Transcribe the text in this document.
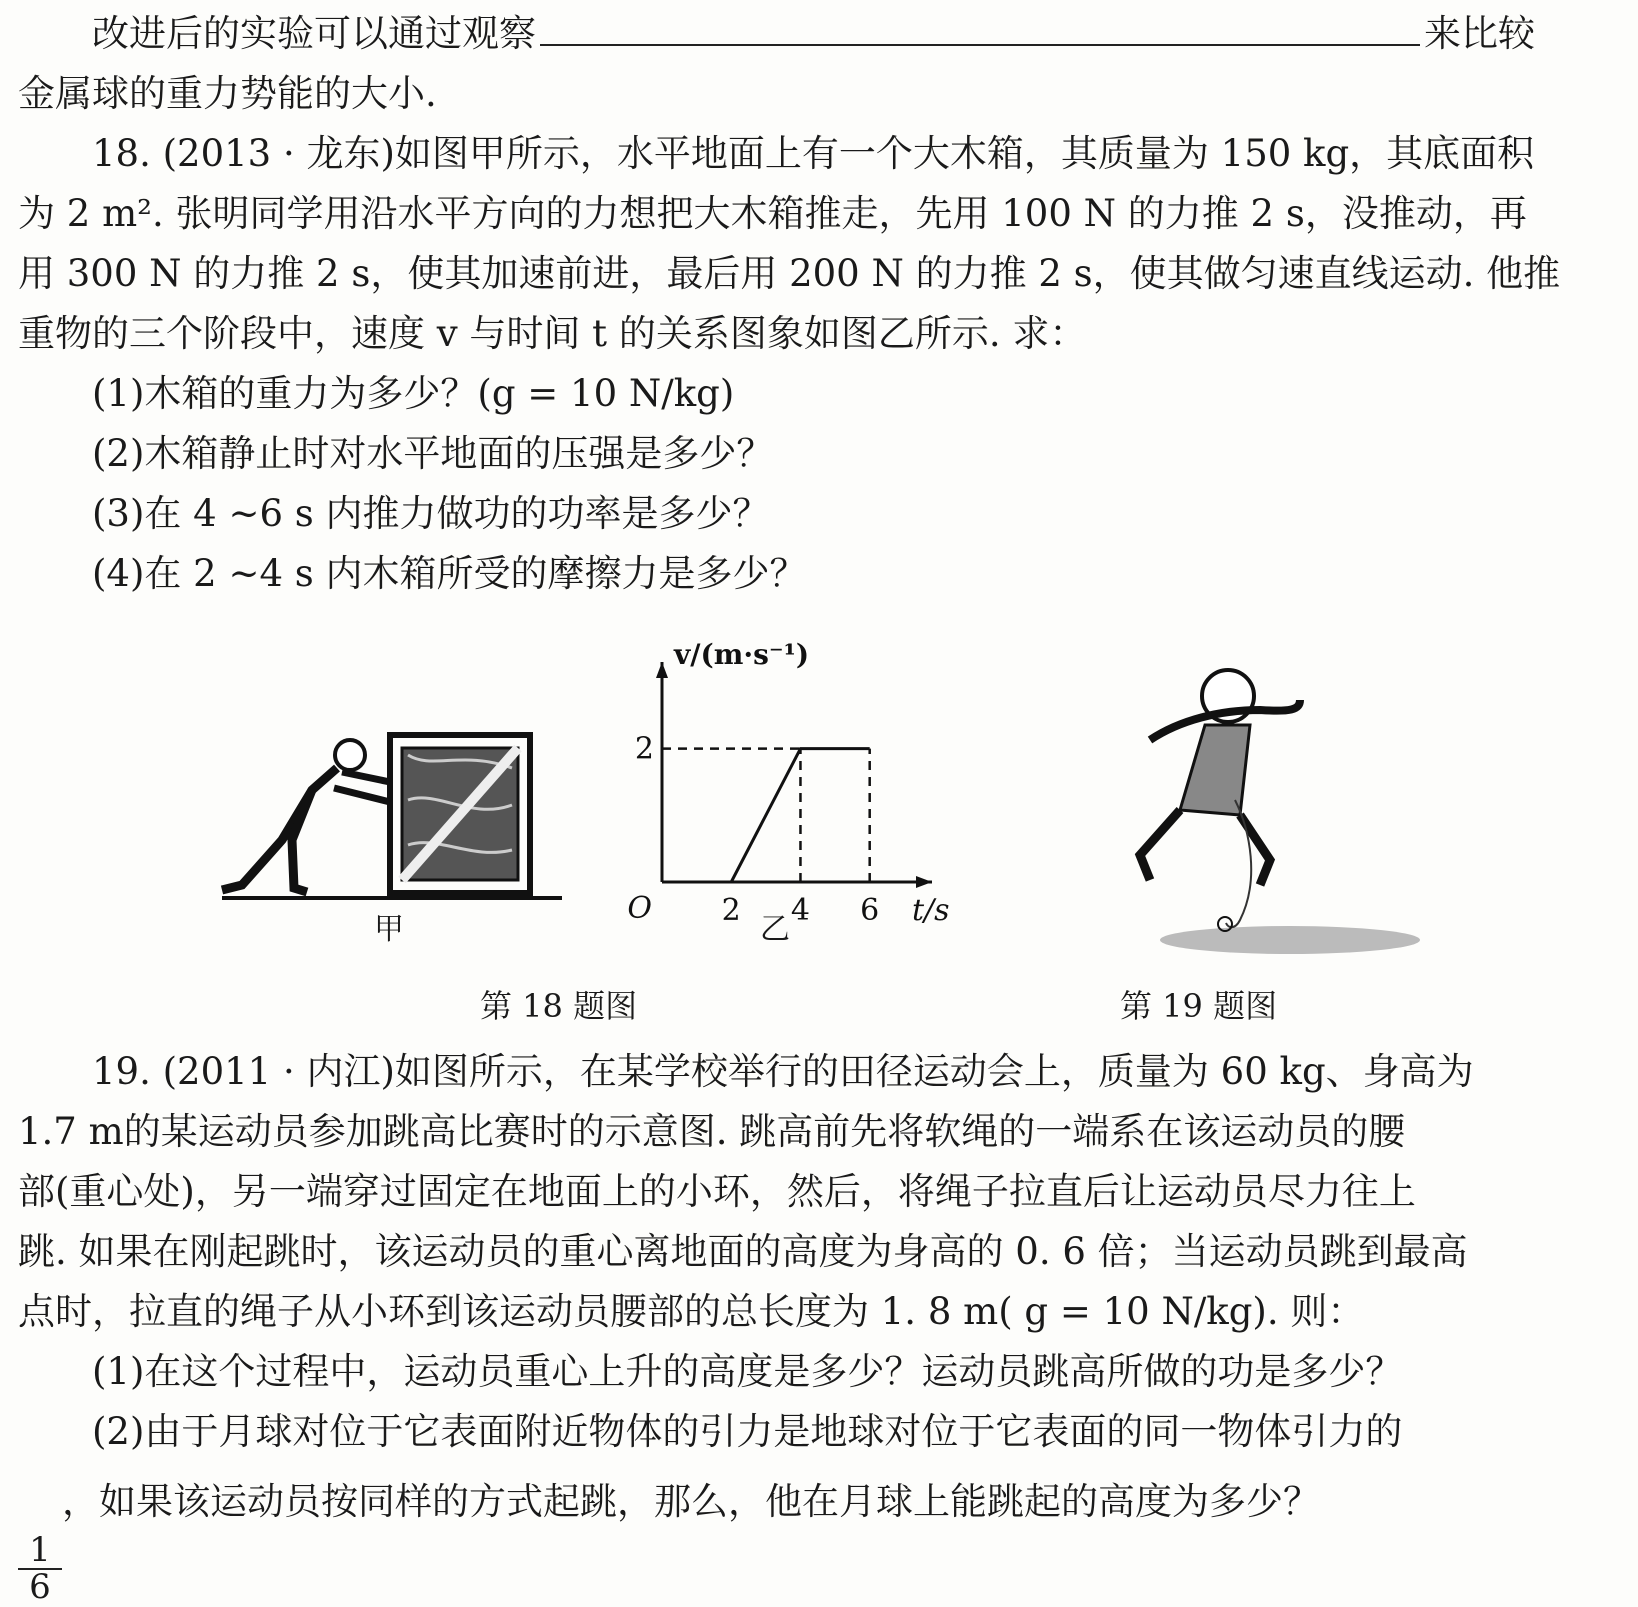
改进后的实验可以通过观察	来比较
金属球的重力势能的大小.
18. (2013 · 龙东)如图甲所示，水平地面上有一个大木箱，其质量为 150 kg，其底面积
为 2 m². 张明同学用沿水平方向的力想把大木箱推走，先用 100 N 的力推 2 s，没推动，再
用 300 N 的力推 2 s，使其加速前进，最后用 200 N 的力推 2 s，使其做匀速直线运动. 他推
重物的三个阶段中，速度 v 与时间 t 的关系图象如图乙所示. 求：
(1)木箱的重力为多少？(g = 10 N/kg)
(2)木箱静止时对水平地面的压强是多少？
(3)在 4 ~6 s 内推力做功的功率是多少？
(4)在 2 ~4 s 内木箱所受的摩擦力是多少？
甲
2 4 6
2
O	t/s
v/(m·s⁻¹)
乙
第 18 题图	第 19 题图
19. (2011 · 内江)如图所示，在某学校举行的田径运动会上，质量为 60 kg、身高为
1.7 m的某运动员参加跳高比赛时的示意图. 跳高前先将软绳的一端系在该运动员的腰
部(重心处)，另一端穿过固定在地面上的小环，然后，将绳子拉直后让运动员尽力往上
跳. 如果在刚起跳时，该运动员的重心离地面的高度为身高的 0. 6 倍；当运动员跳到最高
点时，拉直的绳子从小环到该运动员腰部的总长度为 1. 8 m( g = 10 N/kg). 则：
(1)在这个过程中，运动员重心上升的高度是多少？运动员跳高所做的功是多少？
(2)由于月球对位于它表面附近物体的引力是地球对位于它表面的同一物体引力的
$\frac{1}{6}$
，如果该运动员按同样的方式起跳，那么，他在月球上能跳起的高度为多少？
